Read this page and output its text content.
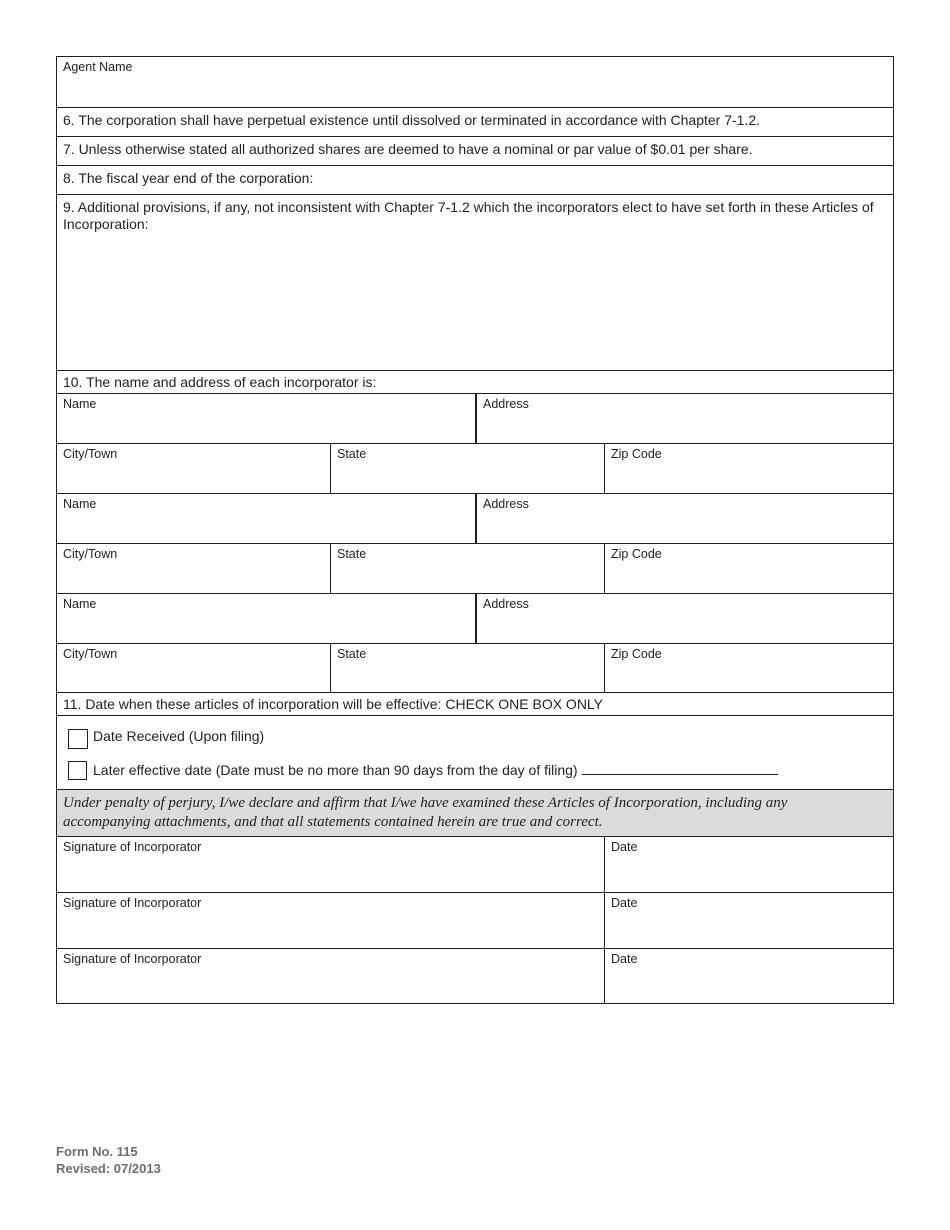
Agent Name
6. The corporation shall have perpetual existence until dissolved or terminated in accordance with Chapter 7-1.2.
7. Unless otherwise stated all authorized shares are deemed to have a nominal or par value of $0.01 per share.
8. The fiscal year end of the corporation:
9. Additional provisions, if any, not inconsistent with Chapter 7-1.2 which the incorporators elect to have set forth in these Articles of Incorporation:
10. The name and address of each incorporator is:
Name	Address
City/Town	State	Zip Code
Name	Address
City/Town	State	Zip Code
Name	Address
City/Town	State	Zip Code
11. Date when these articles of incorporation will be effective: CHECK ONE BOX ONLY
Date Received (Upon filing)
Later effective date (Date must be no more than 90 days from the day of filing)
Under penalty of perjury, I/we declare and affirm that I/we have examined these Articles of Incorporation, including any accompanying attachments, and that all statements contained herein are true and correct.
Signature of Incorporator	Date
Signature of Incorporator	Date
Signature of Incorporator	Date
Form No. 115
Revised: 07/2013
